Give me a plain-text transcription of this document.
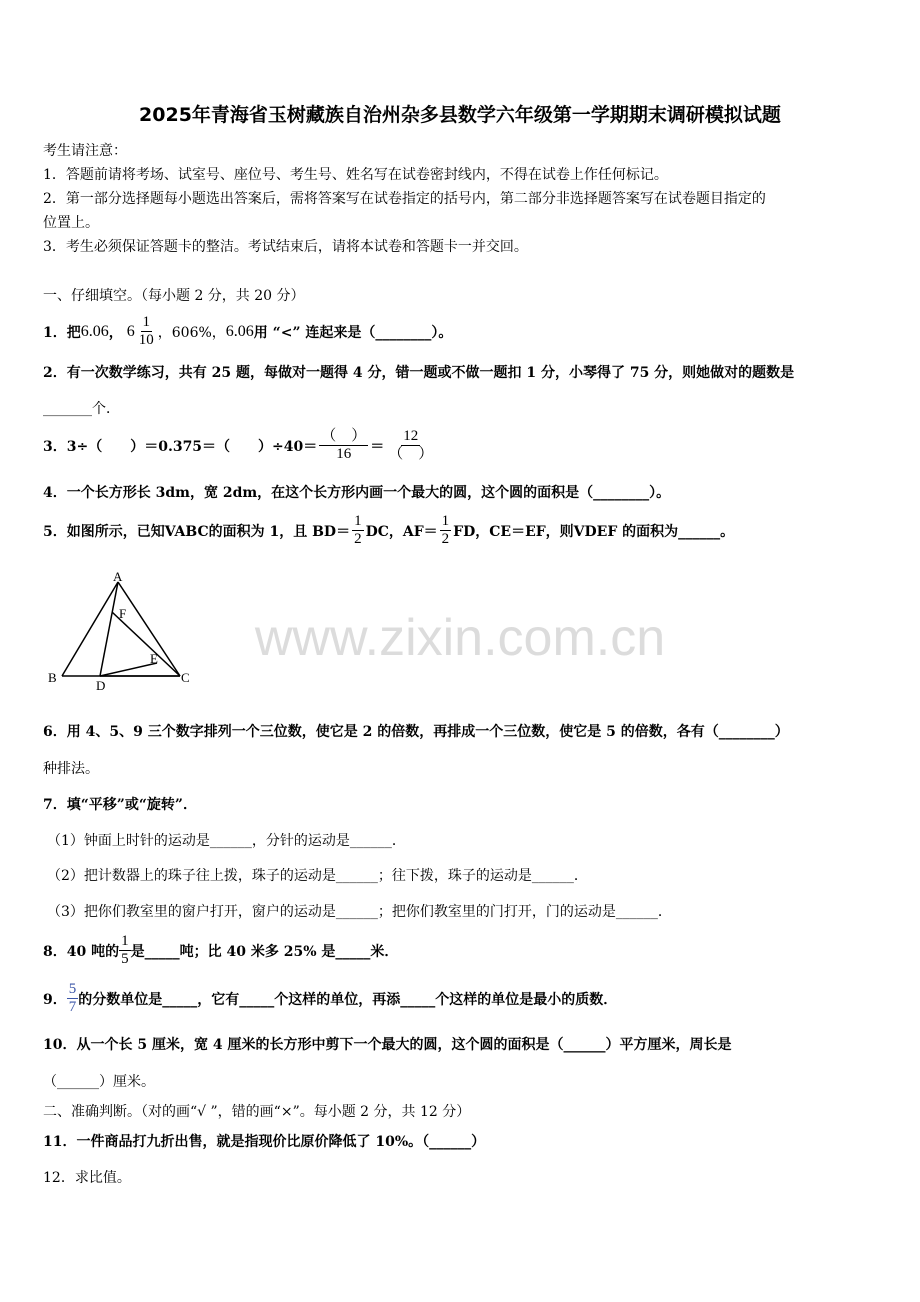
2025年青海省玉树藏族自治州杂多县数学六年级第一学期期末调研模拟试题
考生请注意：
1．答题前请将考场、试室号、座位号、考生号、姓名写在试卷密封线内，不得在试卷上作任何标记。
2．第一部分选择题每小题选出答案后，需将答案写在试卷指定的括号内，第二部分非选择题答案写在试卷题目指定的
位置上。
3．考生必须保证答题卡的整洁。考试结束后，请将本试卷和答题卡一并交回。
一、仔细填空。（每小题 2 分，共 20 分）
1．把 6.06 ， $6 \frac{1}{10}$ ，606%， 6.06 用 “<” 连起来是（________）。
2．有一次数学练习，共有 25 题，每做对一题得 4 分，错一题或不做一题扣 1 分，小琴得了 75 分，则她做对的题数是
_______个．
3．3÷（　　）＝0.375＝（　　）$\div 40= \frac{( )}{16} = \frac{12}{( )}$
4．一个长方形长 3dm，宽 2dm，在这个长方形内画一个最大的圆，这个圆的面积是（________）。
5．如图所示，已知VABC的面积为 1，且 $BD= \frac{1}{2}$ DC，$AF= \frac{1}{2}$ FD，CE＝EF，则VDEF 的面积为______。
A
F
E
B
D
C
www.zixin.com.cn
6．用 4、5、9 三个数字排列一个三位数，使它是 2 的倍数，再排成一个三位数，使它是 5 的倍数，各有（________）
种排法。
7．填“平移”或“旋转”．
（1）钟面上时针的运动是______，分针的运动是______．
（2）把计数器上的珠子往上拨，珠子的运动是______；往下拨，珠子的运动是______．
（3）把你们教室里的窗户打开，窗户的运动是______；把你们教室里的门打开，门的运动是______．
8．40 吨的 $\frac{1}{5}$ 是_____吨；比 40 米多 25% 是_____米．
9． $\frac{5}{7}$ 的分数单位是_____，它有_____个这样的单位，再添_____个这样的单位是最小的质数．
10．从一个长 5 厘米，宽 4 厘米的长方形中剪下一个最大的圆，这个圆的面积是（______）平方厘米，周长是
（______）厘米。
二、准确判断。（对的画“√ ”，错的画“×”。每小题 2 分，共 12 分）
11．一件商品打九折出售，就是指现价比原价降低了 10%。（______）
12．求比值。
